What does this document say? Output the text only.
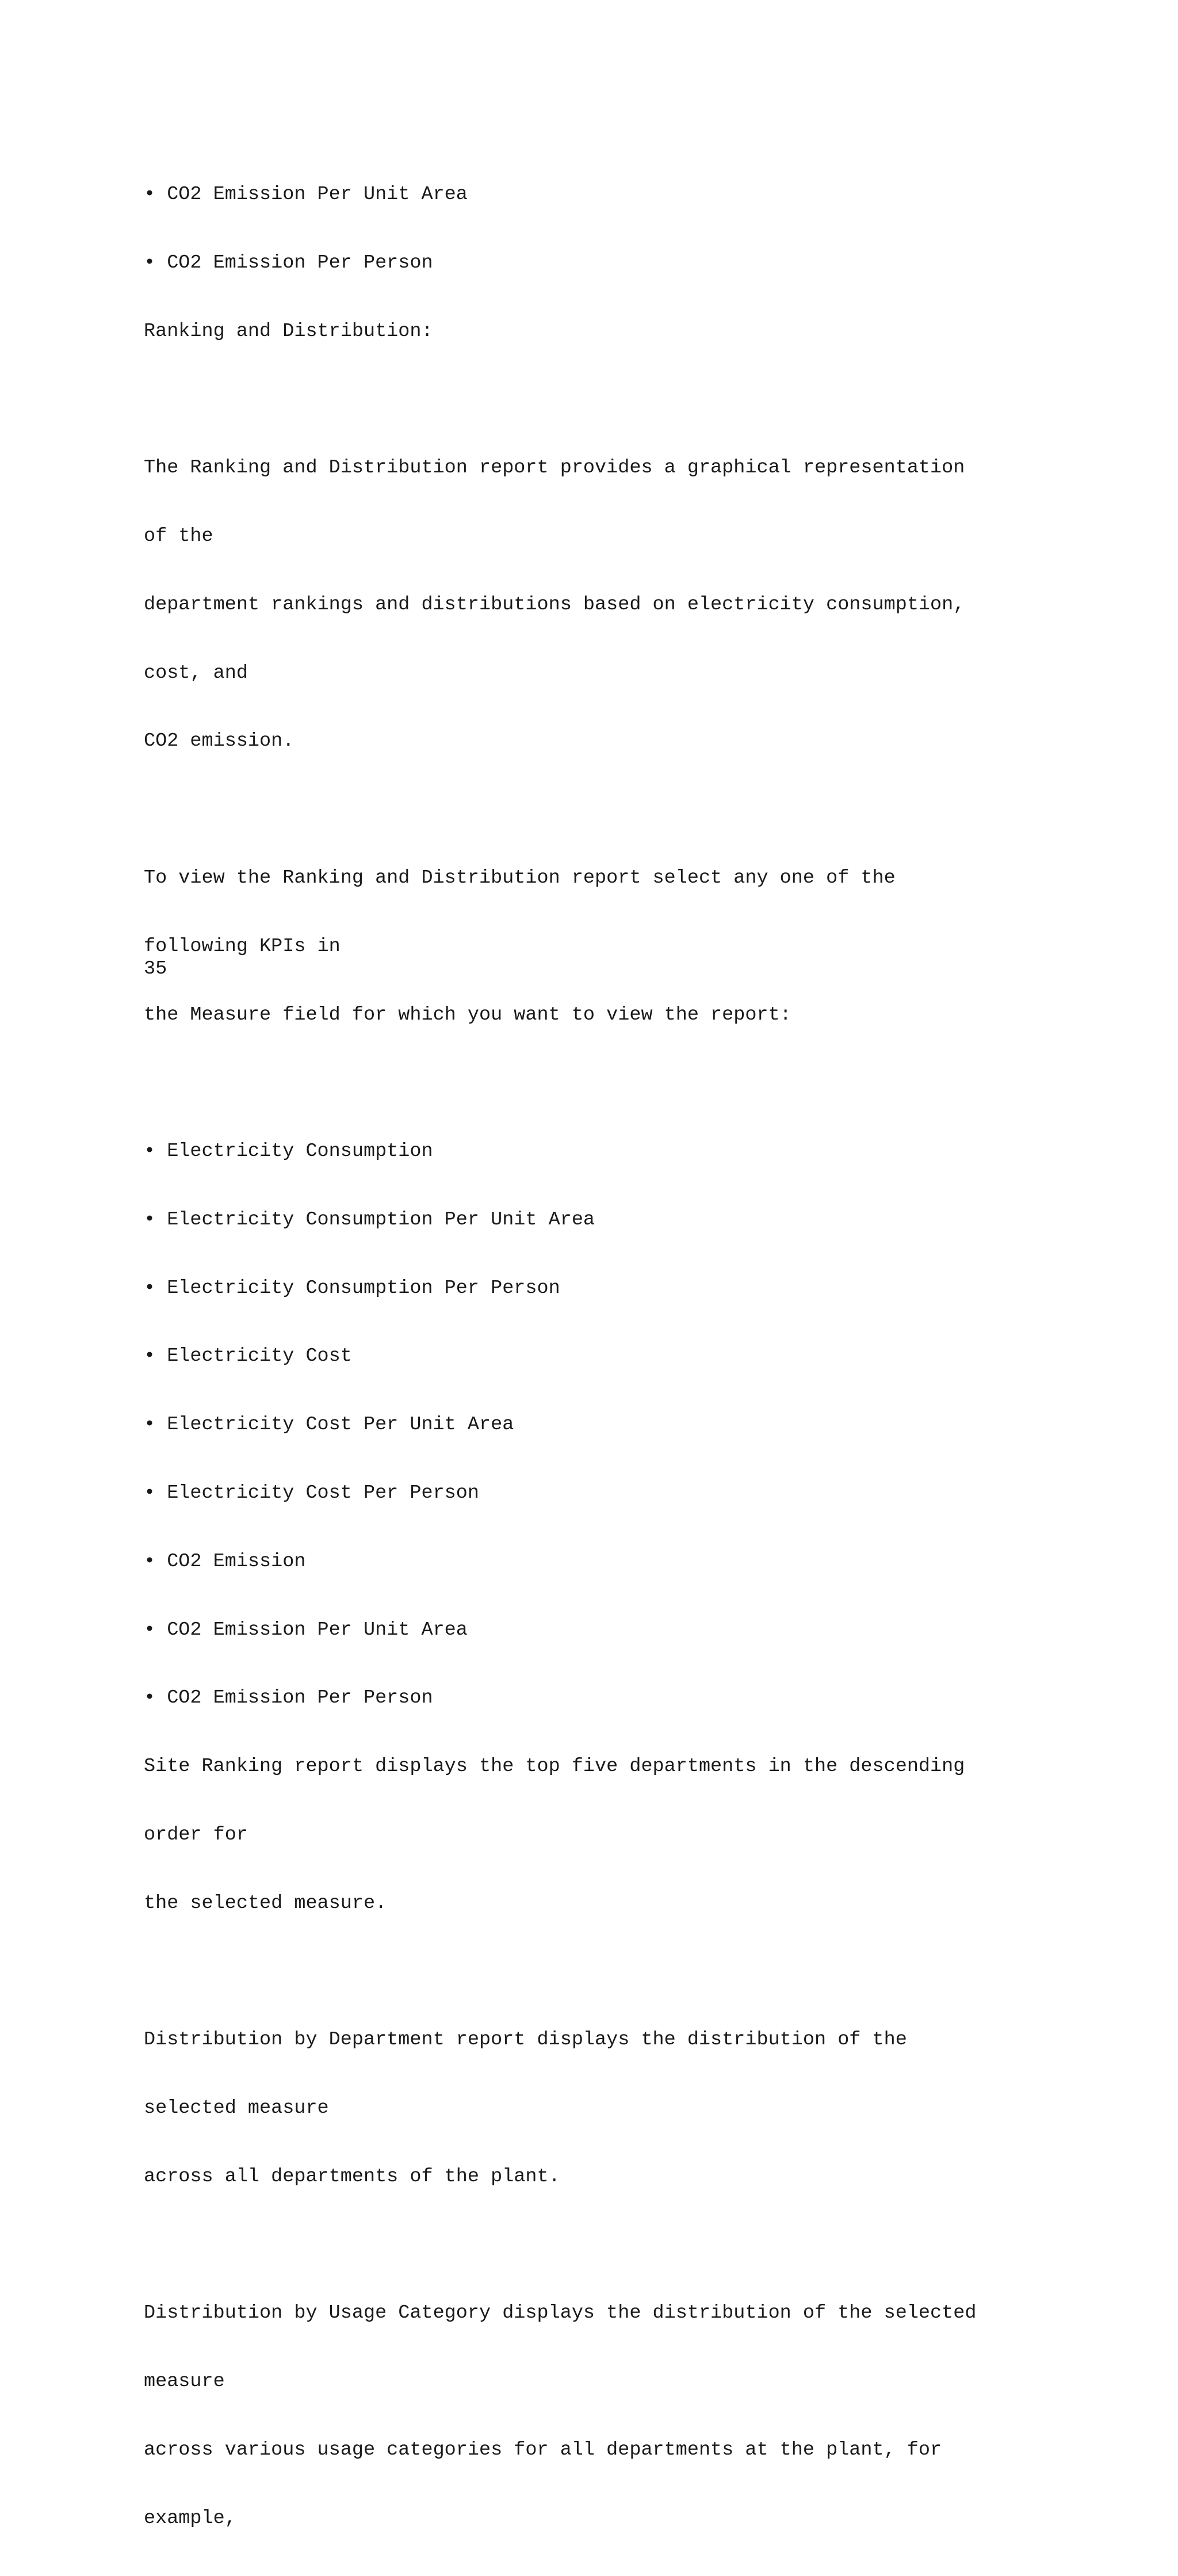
• CO2 Emission Per Unit Area

• CO2 Emission Per Person

Ranking and Distribution:

The Ranking and Distribution report provides a graphical representation

of the

department rankings and distributions based on electricity consumption,

cost, and

CO2 emission.

To view the Ranking and Distribution report select any one of the

following KPIs in

the Measure field for which you want to view the report:

• Electricity Consumption

• Electricity Consumption Per Unit Area

• Electricity Consumption Per Person

• Electricity Cost

• Electricity Cost Per Unit Area

• Electricity Cost Per Person

• CO2 Emission

• CO2 Emission Per Unit Area

• CO2 Emission Per Person

Site Ranking report displays the top five departments in the descending

order for

the selected measure.

Distribution by Department report displays the distribution of the

selected measure

across all departments of the plant.

Distribution by Usage Category displays the distribution of the selected

measure

across various usage categories for all departments at the plant, for

example,

35
